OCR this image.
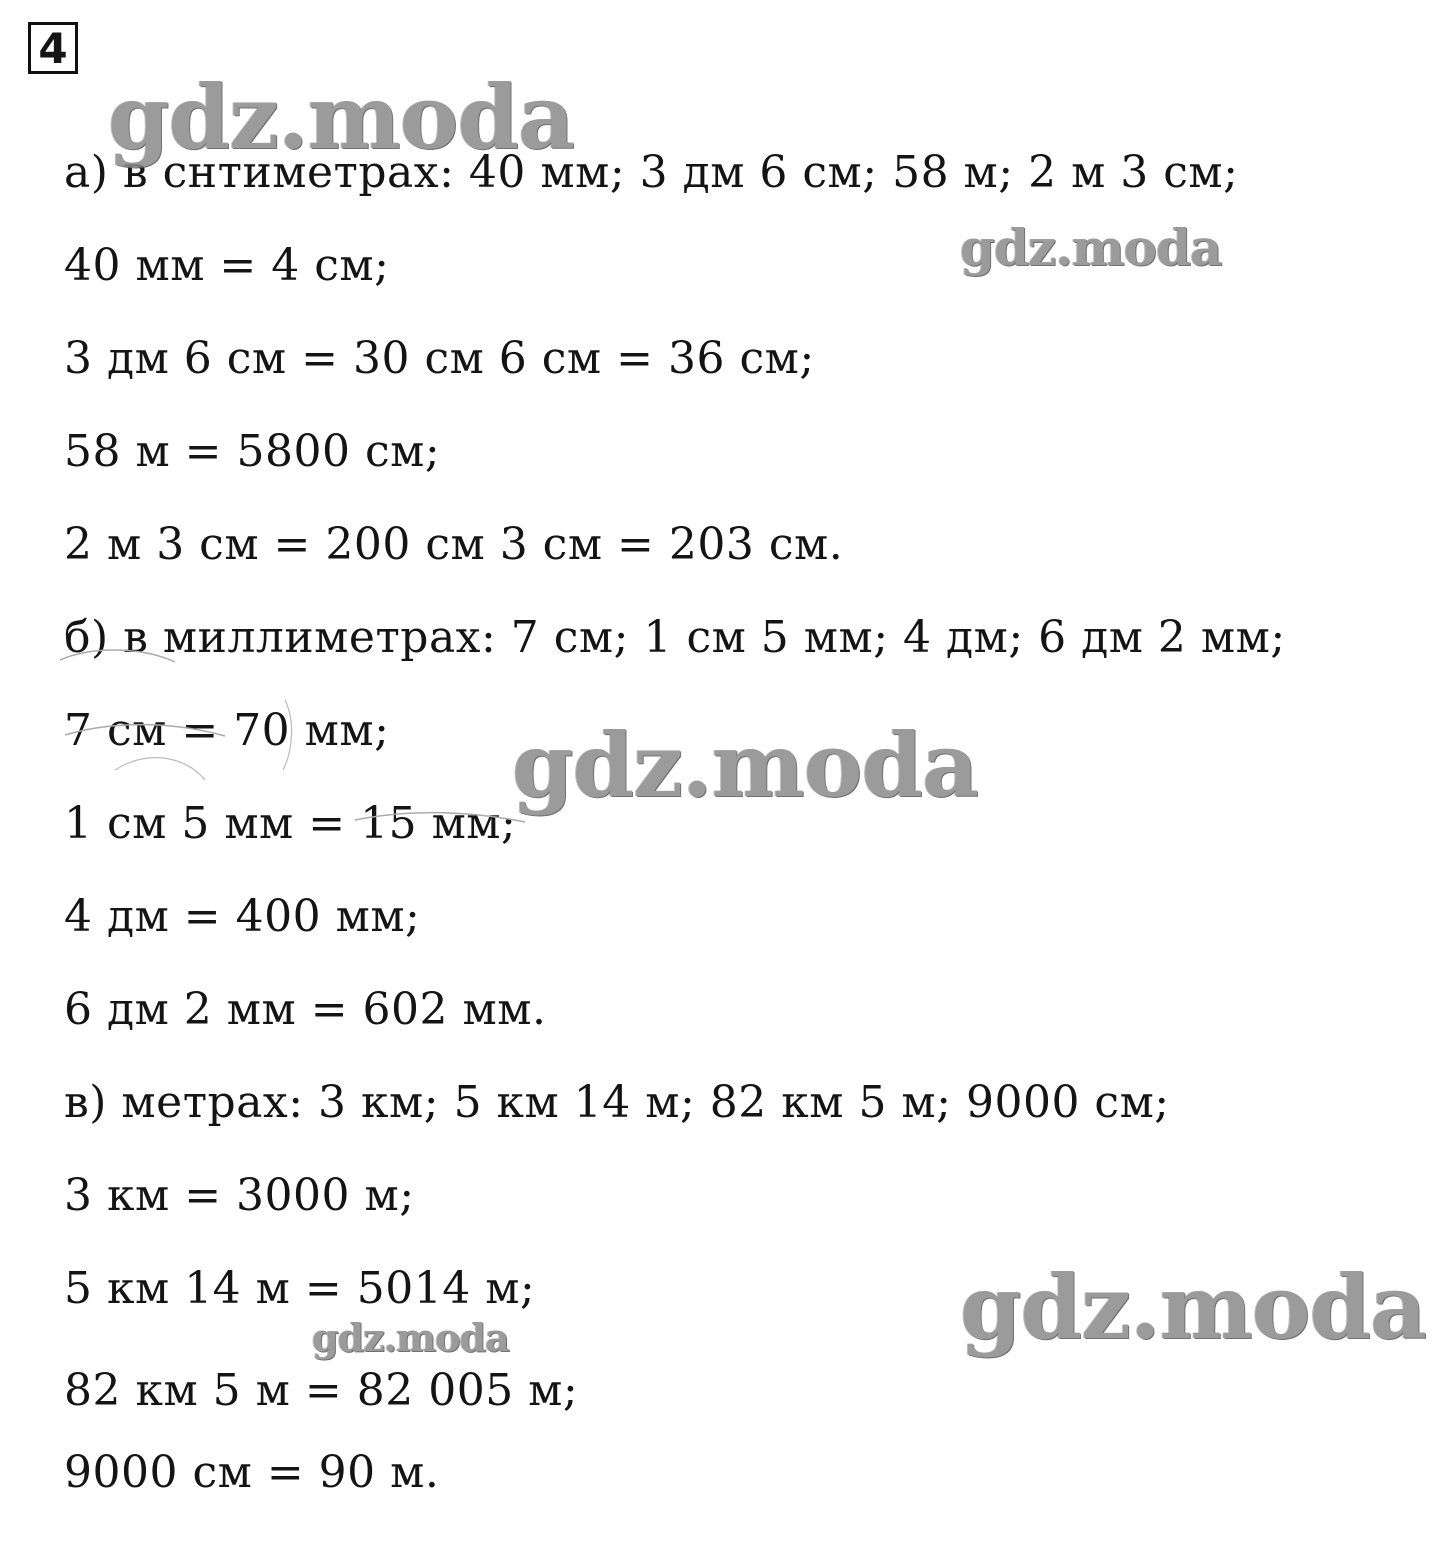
4
а) в снтиметрах: 40 мм; 3 дм 6 см; 58 м; 2 м 3 см;
40 мм = 4 см;
3 дм 6 см = 30 см 6 см = 36 см;
58 м = 5800 см;
2 м 3 см = 200 см 3 см = 203 см.
б) в миллиметрах: 7 см; 1 см 5 мм; 4 дм; 6 дм 2 мм;
7 см = 70 мм;
1 см 5 мм = 15 мм;
4 дм = 400 мм;
6 дм 2 мм = 602 мм.
в) метрах: 3 км; 5 км 14 м; 82 км 5 м; 9000 см;
3 км = 3000 м;
5 км 14 м = 5014 м;
82 км 5 м = 82 005 м;
9000 см = 90 м.
gdz.moda
gdz.moda
gdz.moda
gdz.moda
gdz.moda
